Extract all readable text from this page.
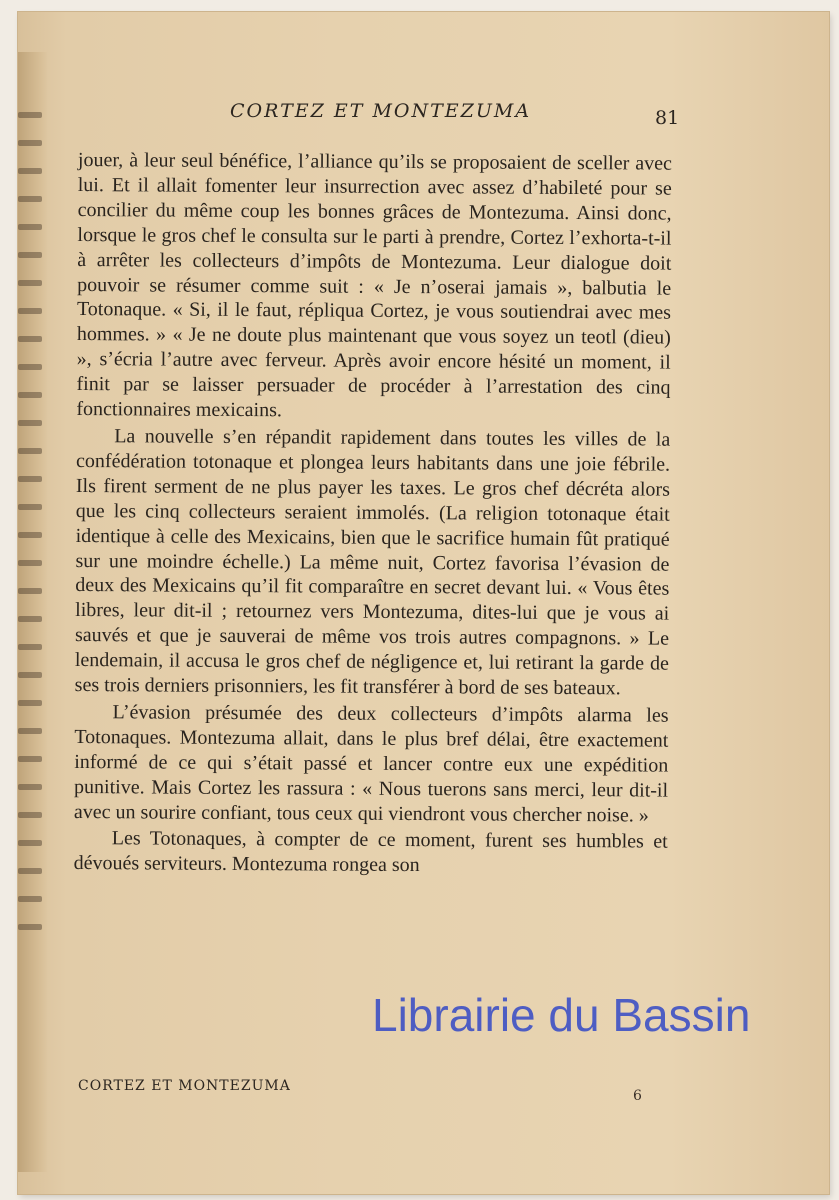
CORTEZ ET MONTEZUMA	81

jouer, à leur seul bénéfice, l’alliance qu’ils se proposaient de sceller avec lui. Et il allait fomenter leur insurrection avec assez d’habileté pour se concilier du même coup les bonnes grâces de Montezuma. Ainsi donc, lorsque le gros chef le consulta sur le parti à prendre, Cortez l’exhorta-t-il à arrêter les collecteurs d’impôts de Montezuma. Leur dialogue doit pouvoir se résumer comme suit : « Je n’oserai jamais », balbutia le Totonaque. « Si, il le faut, répliqua Cortez, je vous soutiendrai avec mes hommes. » « Je ne doute plus maintenant que vous soyez un teotl (dieu) », s’écria l’autre avec ferveur. Après avoir encore hésité un moment, il finit par se laisser persuader de procéder à l’arrestation des cinq fonctionnaires mexicains.

La nouvelle s’en répandit rapidement dans toutes les villes de la confédération totonaque et plongea leurs habitants dans une joie fébrile. Ils firent serment de ne plus payer les taxes. Le gros chef décréta alors que les cinq collecteurs seraient immolés. (La religion totonaque était identique à celle des Mexicains, bien que le sacrifice humain fût pratiqué sur une moindre échelle.) La même nuit, Cortez favorisa l’évasion de deux des Mexicains qu’il fit comparaître en secret devant lui. « Vous êtes libres, leur dit-il ; retournez vers Montezuma, dites-lui que je vous ai sauvés et que je sauverai de même vos trois autres compagnons. » Le lendemain, il accusa le gros chef de négligence et, lui retirant la garde de ses trois derniers prisonniers, les fit transférer à bord de ses bateaux.

L’évasion présumée des deux collecteurs d’impôts alarma les Totonaques. Montezuma allait, dans le plus bref délai, être exactement informé de ce qui s’était passé et lancer contre eux une expédition punitive. Mais Cortez les rassura : « Nous tuerons sans merci, leur dit-il avec un sourire confiant, tous ceux qui viendront vous chercher noise. »

Les Totonaques, à compter de ce moment, furent ses humbles et dévoués serviteurs. Montezuma rongea son

CORTEZ ET MONTEZUMA
6
Librairie du Bassin
